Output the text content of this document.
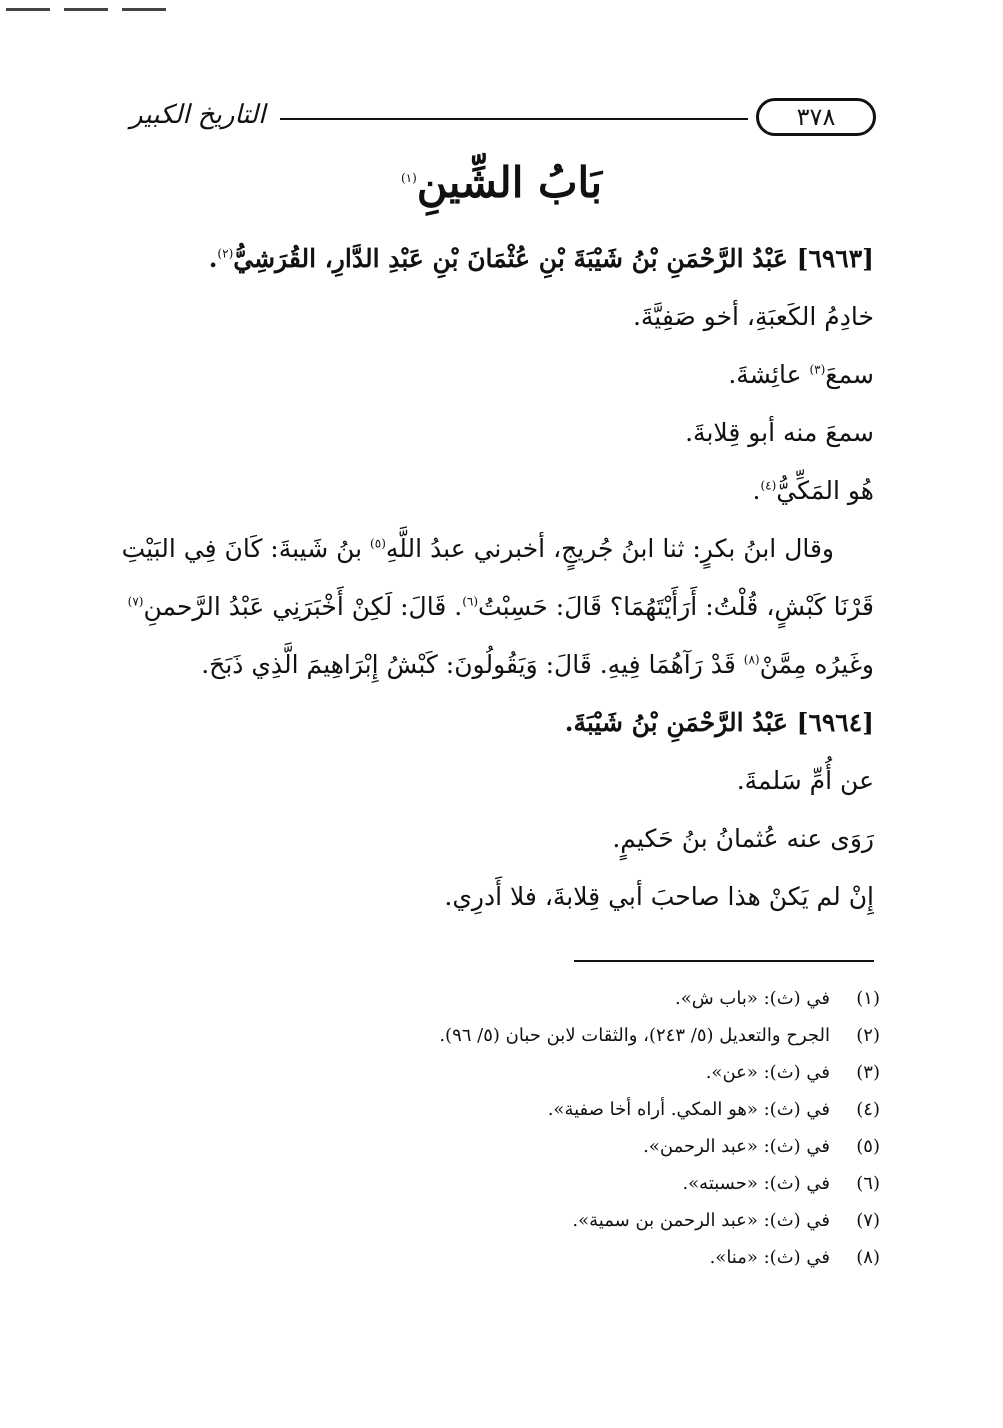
التاريخ الكبير	٣٧٨
بَابُ الشِّينِ$^{(١)}$
[٦٩٦٣] عَبْدُ الرَّحْمَنِ بْنُ شَيْبَةَ بْنِ عُثْمَانَ بْنِ عَبْدِ الدَّارِ، القُرَشِيُّ$^{(٢)}$.
خادِمُ الكَعبَةِ، أخو صَفِيَّةَ.
سمعَ$^{(٣)}$ عائِشةَ.
سمعَ منه أبو قِلابةَ.
هُو المَكِّيُّ$^{(٤)}$.
وقال ابنُ بكرٍ: ثنا ابنُ جُريجٍ، أخبرني عبدُ اللَّهِ$^{(٥)}$ بنُ شَيبةَ: كَانَ فِي البَيْتِ
قَرْنَا كَبْشٍ، قُلْتُ: أَرَأَيْتَهُمَا؟ قَالَ: حَسِبْتُ$^{(٦)}$. قَالَ: لَكِنْ أَخْبَرَنِي عَبْدُ الرَّحمنِ$^{(٧)}$
وغَيرُه مِمَّنْ$^{(٨)}$ قَدْ رَآهُمَا فِيهِ. قَالَ: وَيَقُولُونَ: كَبْشُ إِبْرَاهِيمَ الَّذِي ذَبَحَ.
[٦٩٦٤] عَبْدُ الرَّحْمَنِ بْنُ شَيْبَةَ.
عن أُمِّ سَلمةَ.
رَوَى عنه عُثمانُ بنُ حَكيمٍ.
إِنْ لم يَكنْ هذا صاحبَ أبي قِلابةَ، فلا أَدرِي.
(١)في (ث): «باب ش».
(٢)الجرح والتعديل (٥/ ٢٤٣)، والثقات لابن حبان (٥/ ٩٦).
(٣)في (ث): «عن».
(٤)في (ث): «هو المكي. أراه أخا صفية».
(٥)في (ث): «عبد الرحمن».
(٦)في (ث): «حسبته».
(٧)في (ث): «عبد الرحمن بن سمية».
(٨)في (ث): «منا».
